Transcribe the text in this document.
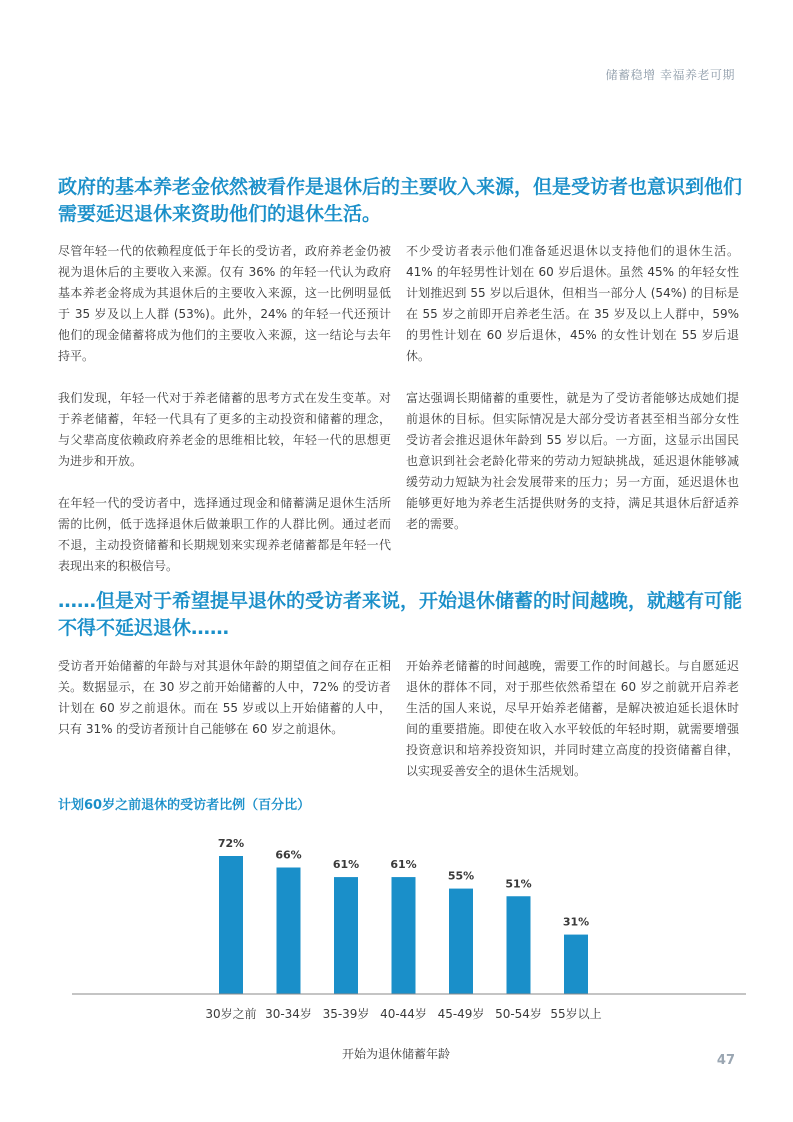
储蓄稳增 幸福养老可期
政府的基本养老金依然被看作是退休后的主要收入来源，但是受访者也意识到他们需要延迟退休来资助他们的退休生活。

尽管年轻一代的依赖程度低于年长的受访者，政府养老金仍被视为退休后的主要收入来源。仅有 36% 的年轻一代认为政府基本养老金将成为其退休后的主要收入来源，这一比例明显低于 35 岁及以上人群 (53%)。此外，24% 的年轻一代还预计他们的现金储蓄将成为他们的主要收入来源，这一结论与去年持平。

我们发现，年轻一代对于养老储蓄的思考方式在发生变革。对于养老储蓄，年轻一代具有了更多的主动投资和储蓄的理念，与父辈高度依赖政府养老金的思维相比较，年轻一代的思想更为进步和开放。

在年轻一代的受访者中，选择通过现金和储蓄满足退休生活所需的比例，低于选择退休后做兼职工作的人群比例。通过老而不退，主动投资储蓄和长期规划来实现养老储蓄都是年轻一代表现出来的积极信号。

不少受访者表示他们准备延迟退休以支持他们的退休生活。41% 的年轻男性计划在 60 岁后退休。虽然 45% 的年轻女性计划推迟到 55 岁以后退休，但相当一部分人 (54%) 的目标是在 55 岁之前即开启养老生活。在 35 岁及以上人群中，59% 的男性计划在 60 岁后退休，45% 的女性计划在 55 岁后退休。

富达强调长期储蓄的重要性，就是为了受访者能够达成她们提前退休的目标。但实际情况是大部分受访者甚至相当部分女性受访者会推迟退休年龄到 55 岁以后。一方面，这显示出国民也意识到社会老龄化带来的劳动力短缺挑战，延迟退休能够减缓劳动力短缺为社会发展带来的压力；另一方面，延迟退休也能够更好地为养老生活提供财务的支持，满足其退休后舒适养老的需要。

……但是对于希望提早退休的受访者来说，开始退休储蓄的时间越晚，就越有可能不得不延迟退休……

受访者开始储蓄的年龄与对其退休年龄的期望值之间存在正相关。数据显示，在 30 岁之前开始储蓄的人中，72% 的受访者计划在 60 岁之前退休。而在 55 岁或以上开始储蓄的人中，只有 31% 的受访者预计自己能够在 60 岁之前退休。

开始养老储蓄的时间越晚，需要工作的时间越长。与自愿延迟退休的群体不同，对于那些依然希望在 60 岁之前就开启养老生活的国人来说，尽早开始养老储蓄，是解决被迫延长退休时间的重要措施。即使在收入水平较低的年轻时期，就需要增强投资意识和培养投资知识，并同时建立高度的投资储蓄自律，以实现妥善安全的退休生活规划。

计划60岁之前退休的受访者比例（百分比）
72%
30岁之前
66%
30-34岁
61%
35-39岁
61%
40-44岁
55%
45-49岁
51%
50-54岁
31%
55岁以上
开始为退休储蓄年龄	47
